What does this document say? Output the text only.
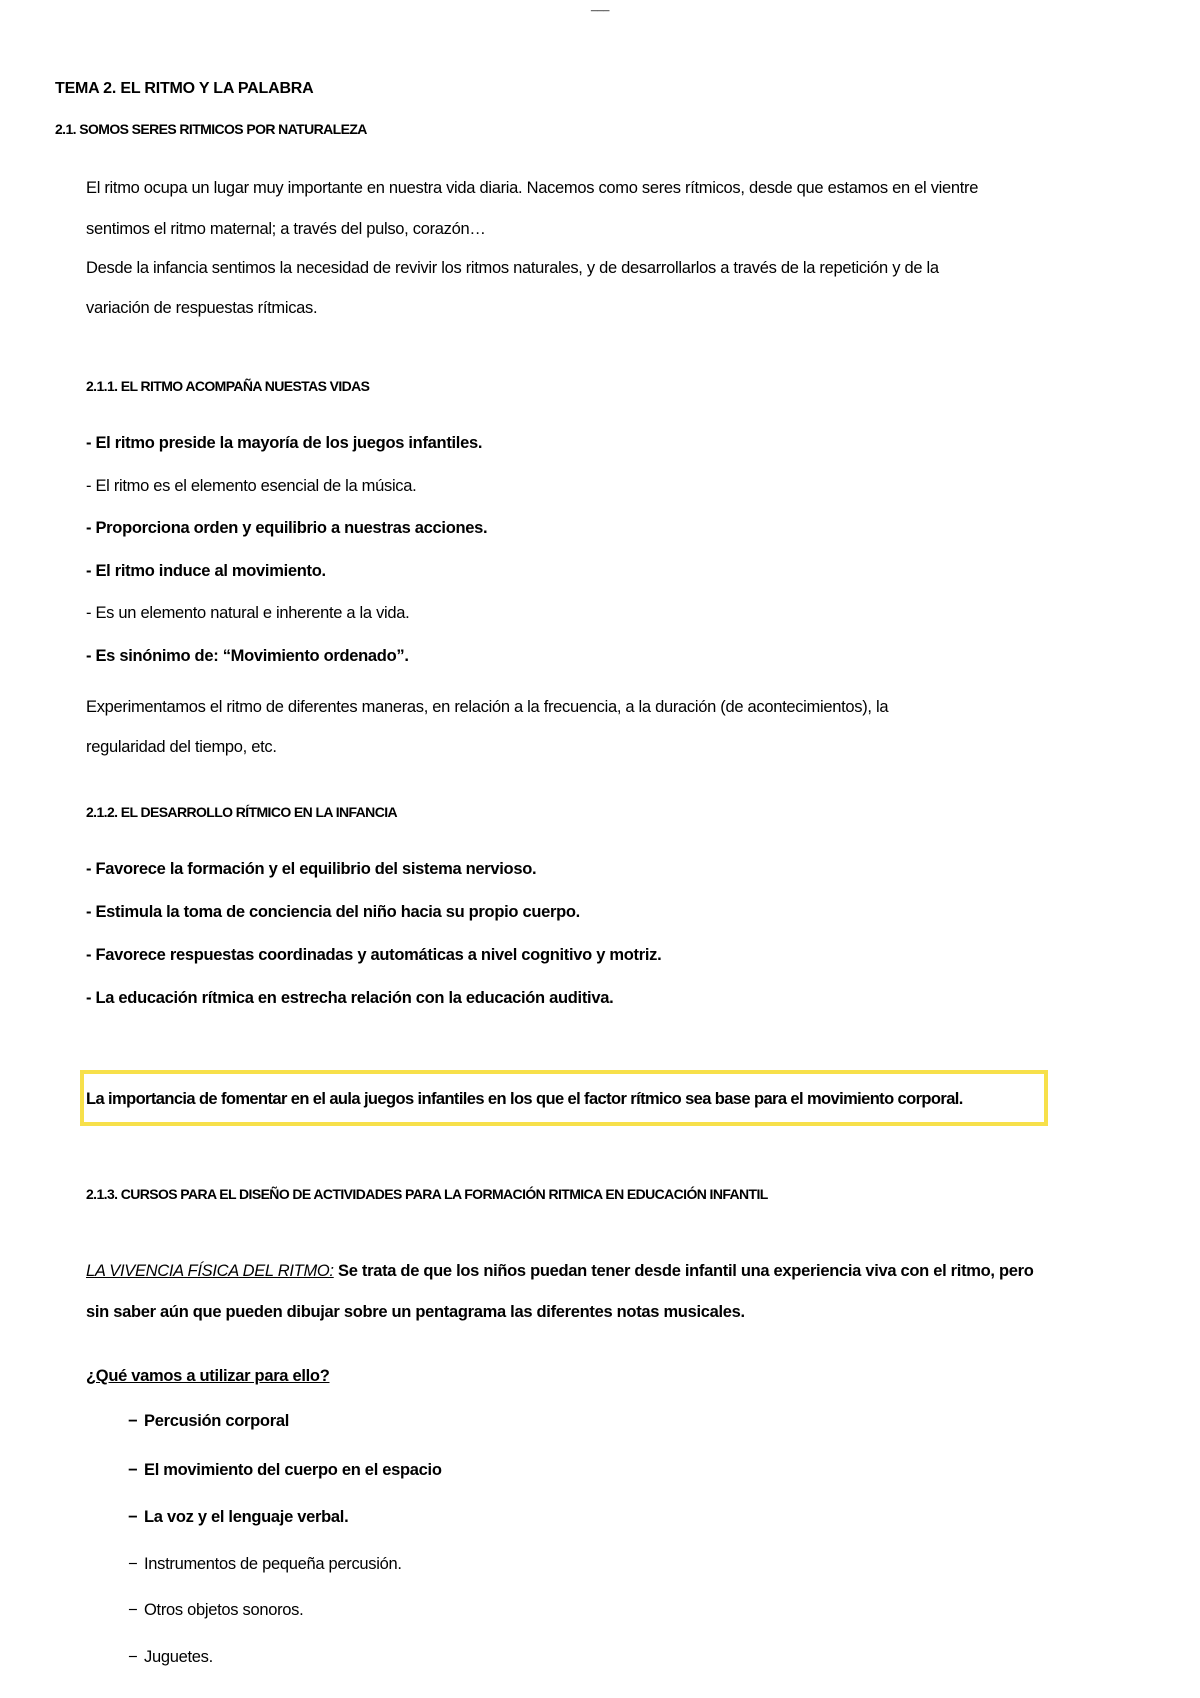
___
TEMA 2. EL RITMO Y LA PALABRA
2.1. SOMOS SERES RITMICOS POR NATURALEZA
El ritmo ocupa un lugar muy importante en nuestra vida diaria. Nacemos como seres rítmicos, desde que estamos en el vientre
sentimos el ritmo maternal; a través del pulso, corazón…
Desde la infancia sentimos la necesidad de revivir los ritmos naturales, y de desarrollarlos a través de la repetición y de la
variación de respuestas rítmicas.
2.1.1. EL RITMO ACOMPAÑA NUESTAS VIDAS
- El ritmo preside la mayoría de los juegos infantiles.
- El ritmo es el elemento esencial de la música.
- Proporciona orden y equilibrio a nuestras acciones.
- El ritmo induce al movimiento.
- Es un elemento natural e inherente a la vida.
- Es sinónimo de: “Movimiento ordenado”.
Experimentamos el ritmo de diferentes maneras, en relación a la frecuencia, a la duración (de acontecimientos), la
regularidad del tiempo, etc.
2.1.2. EL DESARROLLO RÍTMICO EN LA INFANCIA
- Favorece la formación y el equilibrio del sistema nervioso.
- Estimula la toma de conciencia del niño hacia su propio cuerpo.
- Favorece respuestas coordinadas y automáticas a nivel cognitivo y motriz.
- La educación rítmica en estrecha relación con la educación auditiva.
La importancia de fomentar en el aula juegos infantiles en los que el factor rítmico sea base para el movimiento corporal.
2.1.3. CURSOS PARA EL DISEÑO DE ACTIVIDADES PARA LA FORMACIÓN RITMICA EN EDUCACIÓN INFANTIL
LA VIVENCIA FÍSICA DEL RITMO: Se trata de que los niños puedan tener desde infantil una experiencia viva con el ritmo, pero
sin saber aún que pueden dibujar sobre un pentagrama las diferentes notas musicales.
¿Qué vamos a utilizar para ello?
− Percusión corporal
− El movimiento del cuerpo en el espacio
− La voz y el lenguaje verbal.
− Instrumentos de pequeña percusión.
− Otros objetos sonoros.
− Juguetes.
